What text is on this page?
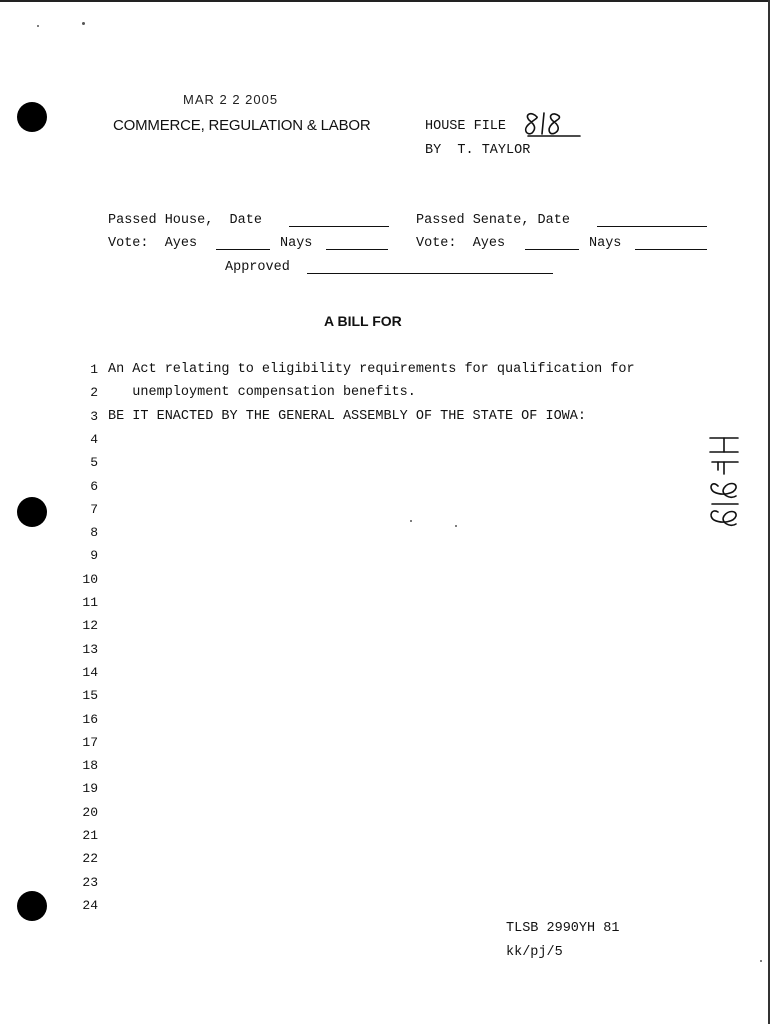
MAR 2 2 2005
COMMERCE, REGULATION & LABOR	HOUSE FILE
BY  T. TAYLOR
Passed House,  Date	Passed Senate, Date
Vote:  Ayes	Nays	Vote:  Ayes	Nays
Approved
A BILL FOR
1 An Act relating to eligibility requirements for qualification for
2 unemployment compensation benefits.
3 BE IT ENACTED BY THE GENERAL ASSEMBLY OF THE STATE OF IOWA:
4
5
6
7
8
9
10
11
12
13
14
15
16
17
18
19
20
21
22
23
24
TLSB 2990YH 81
kk/pj/5
